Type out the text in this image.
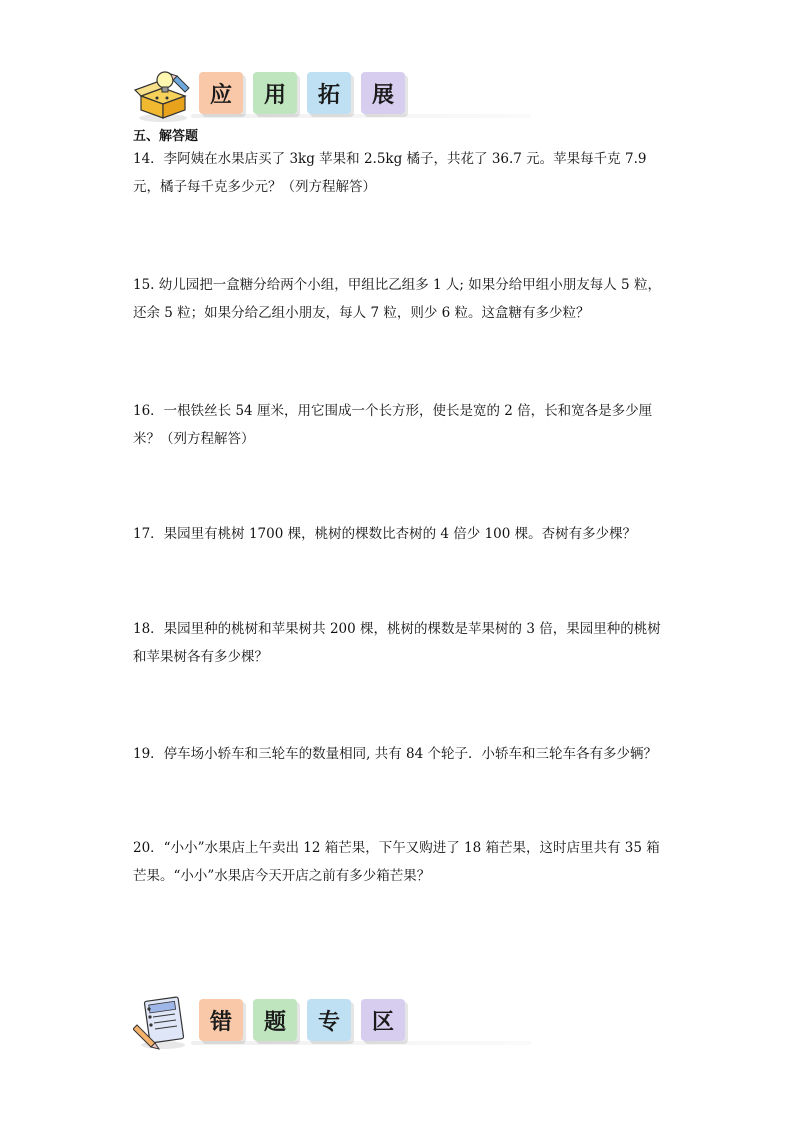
应	用	拓	展
五、解答题

14．李阿姨在水果店买了 3kg 苹果和 2.5kg 橘子，共花了 36.7 元。苹果每千克 7.9 元，橘子每千克多少元？（列方程解答）

15. 幼儿园把一盒糖分给两个小组，甲组比乙组多 1 人; 如果分给甲组小朋友每人 5 粒，还余 5 粒；如果分给乙组小朋友，每人 7 粒，则少 6 粒。这盒糖有多少粒？

16．一根铁丝长 54 厘米，用它围成一个长方形，使长是宽的 2 倍，长和宽各是多少厘米？（列方程解答）

17．果园里有桃树 1700 棵，桃树的棵数比杏树的 4 倍少 100 棵。杏树有多少棵？

18．果园里种的桃树和苹果树共 200 棵，桃树的棵数是苹果树的 3 倍，果园里种的桃树和苹果树各有多少棵？

19．停车场小轿车和三轮车的数量相同, 共有 84 个轮子．小轿车和三轮车各有多少辆？

20．“小小”水果店上午卖出 12 箱芒果，下午又购进了 18 箱芒果，这时店里共有 35 箱芒果。“小小”水果店今天开店之前有多少箱芒果？

错	题	专	区
